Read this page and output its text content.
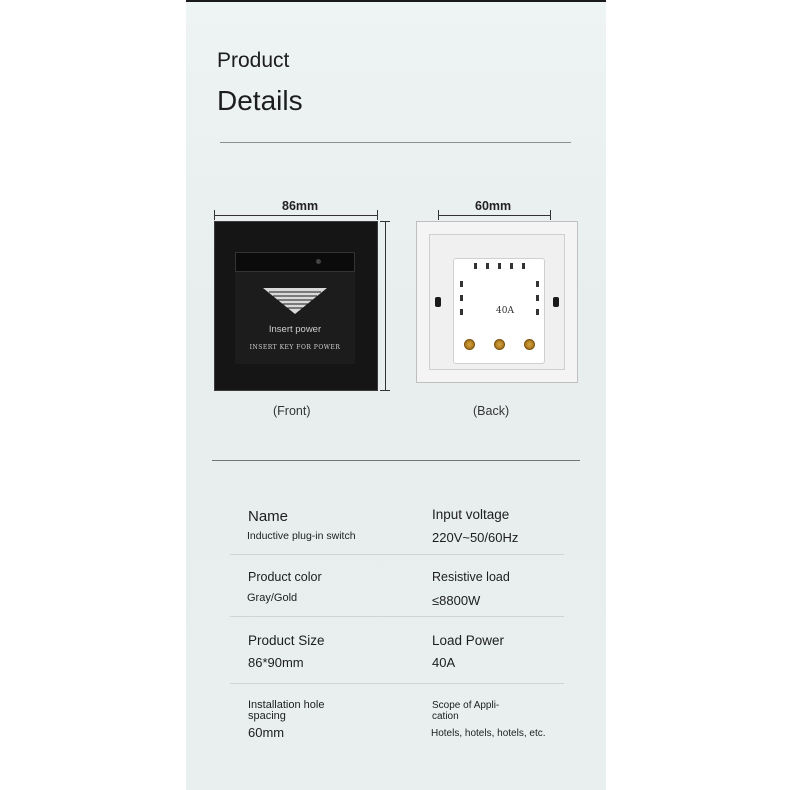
Product
Details
86mm
Insert power
INSERT KEY FOR POWER
60mm
40A
(Front)	(Back)
Name
Inductive plug-in switch
Input voltage
220V~50/60Hz
Product color
Gray/Gold
Resistive load
≤8800W
Product Size
86*90mm
Load Power
40A
Installation hole spacing
60mm
Scope of Appli-cation
Hotels, hotels, hotels, etc.
